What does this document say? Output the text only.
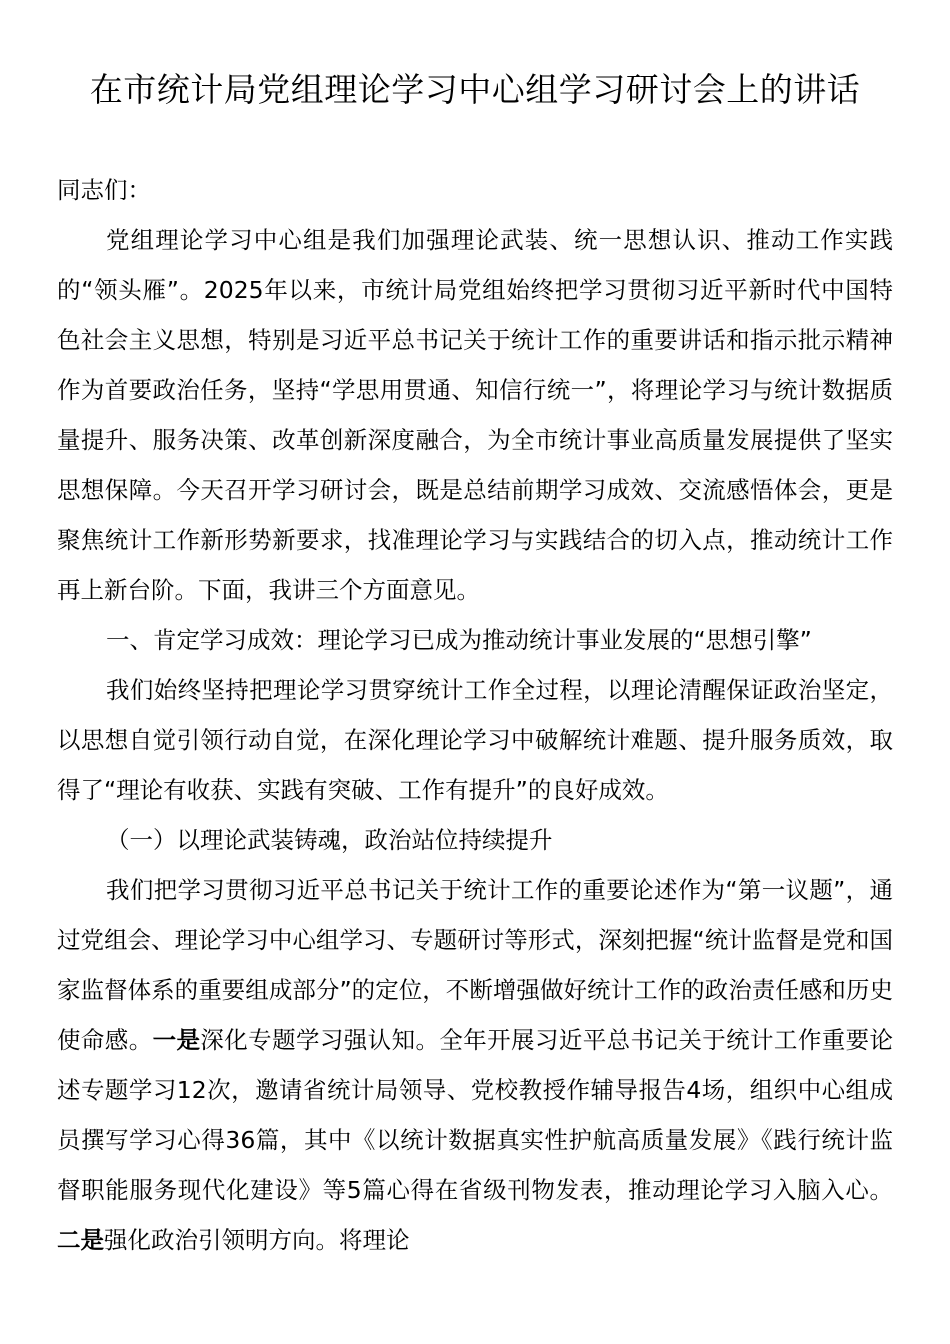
在市统计局党组理论学习中心组学习研讨会上的讲话

同志们：

党组理论学习中心组是我们加强理论武装、统一思想认识、推动工作实践的“领头雁”。2025年以来，市统计局党组始终把学习贯彻习近平新时代中国特色社会主义思想，特别是习近平总书记关于统计工作的重要讲话和指示批示精神作为首要政治任务，坚持“学思用贯通、知信行统一”，将理论学习与统计数据质量提升、服务决策、改革创新深度融合，为全市统计事业高质量发展提供了坚实思想保障。今天召开学习研讨会，既是总结前期学习成效、交流感悟体会，更是聚焦统计工作新形势新要求，找准理论学习与实践结合的切入点，推动统计工作再上新台阶。下面，我讲三个方面意见。

一、肯定学习成效：理论学习已成为推动统计事业发展的“思想引擎”

我们始终坚持把理论学习贯穿统计工作全过程，以理论清醒保证政治坚定，以思想自觉引领行动自觉，在深化理论学习中破解统计难题、提升服务质效，取得了“理论有收获、实践有突破、工作有提升”的良好成效。

（一）以理论武装铸魂，政治站位持续提升

我们把学习贯彻习近平总书记关于统计工作的重要论述作为“第一议题”，通过党组会、理论学习中心组学习、专题研讨等形式，深刻把握“统计监督是党和国家监督体系的重要组成部分”的定位，不断增强做好统计工作的政治责任感和历史使命感。一是深化专题学习强认知。全年开展习近平总书记关于统计工作重要论述专题学习12次，邀请省统计局领导、党校教授作辅导报告4场，组织中心组成员撰写学习心得36篇，其中《以统计数据真实性护航高质量发展》《践行统计监督职能服务现代化建设》等5篇心得在省级刊物发表，推动理论学习入脑入心。二是强化政治引领明方向。将理论
